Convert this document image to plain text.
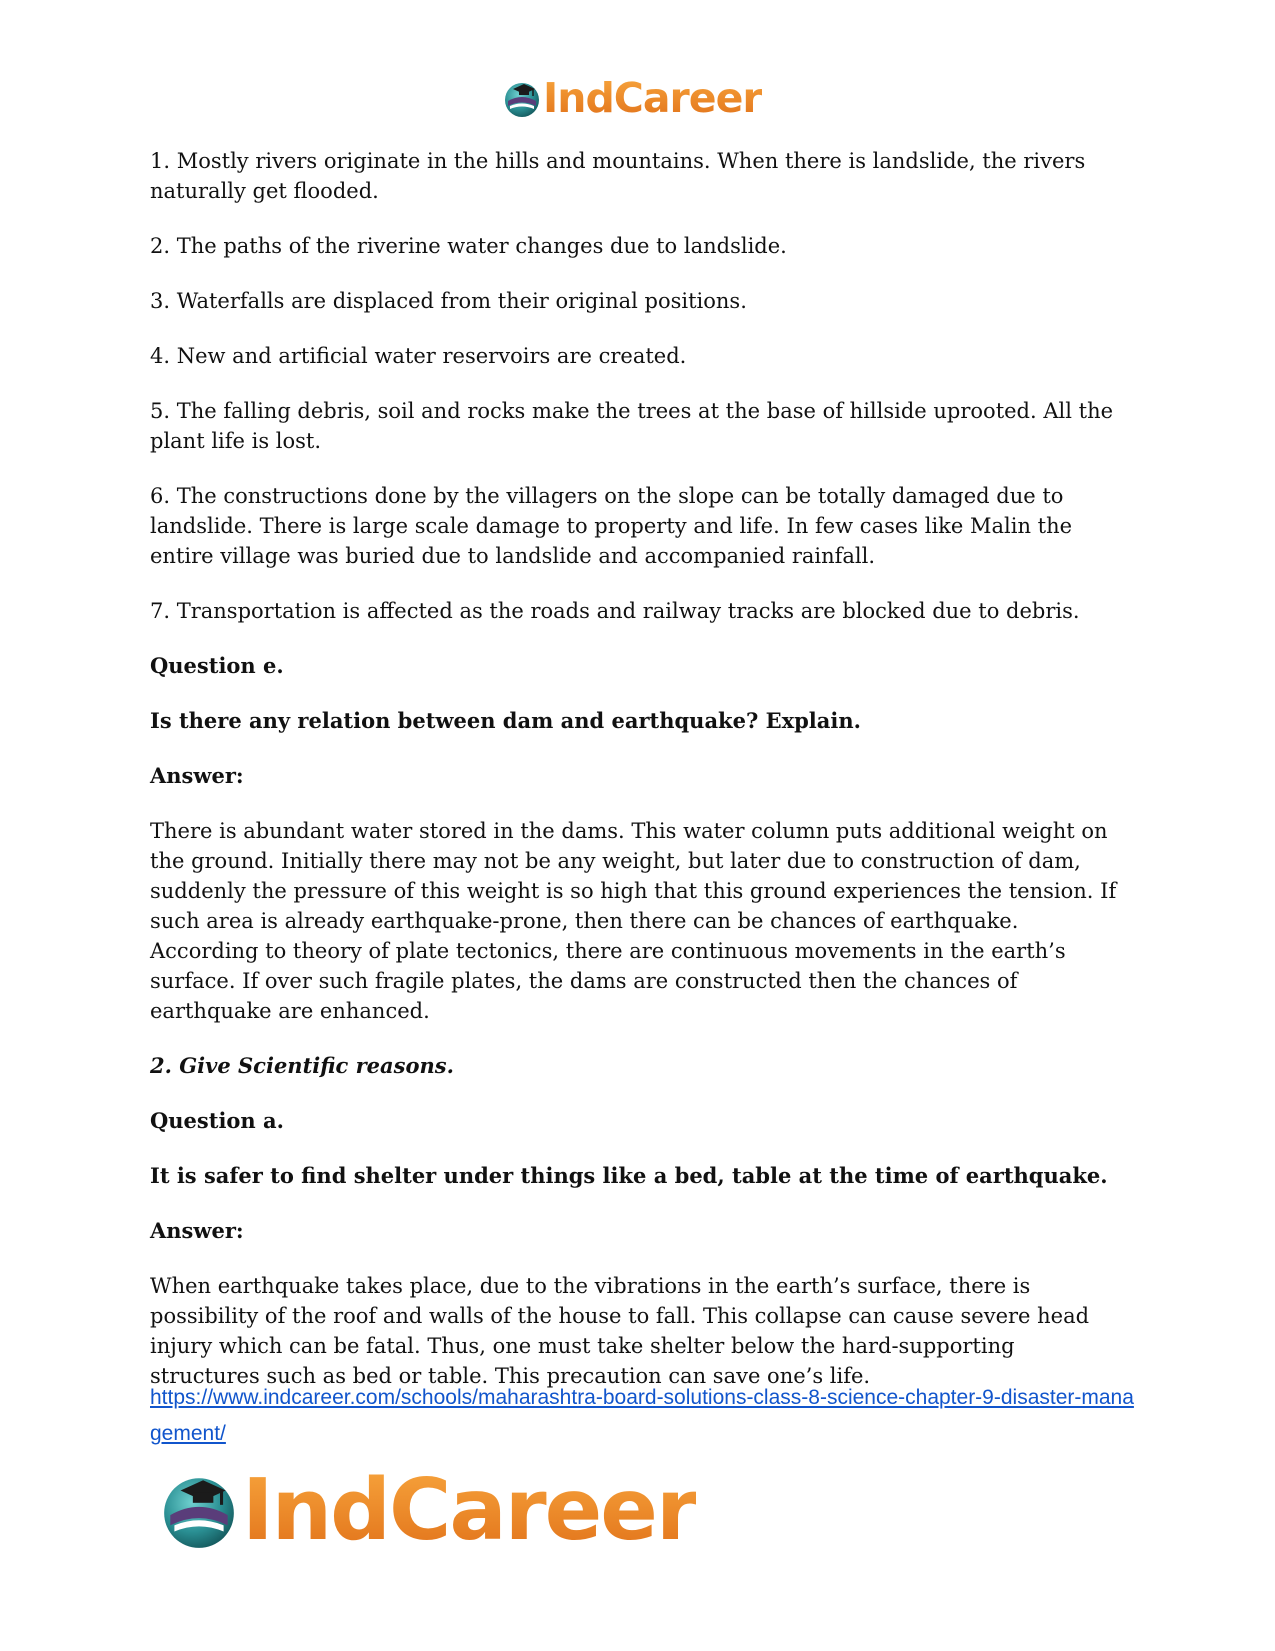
IndCareer

1. Mostly rivers originate in the hills and mountains. When there is landslide, the rivers naturally get flooded.

2. The paths of the riverine water changes due to landslide.

3. Waterfalls are displaced from their original positions.

4. New and artificial water reservoirs are created.

5. The falling debris, soil and rocks make the trees at the base of hillside uprooted. All the plant life is lost.

6. The constructions done by the villagers on the slope can be totally damaged due to landslide. There is large scale damage to property and life. In few cases like Malin the entire village was buried due to landslide and accompanied rainfall.

7. Transportation is affected as the roads and railway tracks are blocked due to debris.

Question e.

Is there any relation between dam and earthquake? Explain.

Answer:

There is abundant water stored in the dams. This water column puts additional weight on the ground. Initially there may not be any weight, but later due to construction of dam, suddenly the pressure of this weight is so high that this ground experiences the tension. If such area is already earthquake-prone, then there can be chances of earthquake. According to theory of plate tectonics, there are continuous movements in the earth’s surface. If over such fragile plates, the dams are constructed then the chances of earthquake are enhanced.

2. Give Scientific reasons.

Question a.

It is safer to find shelter under things like a bed, table at the time of earthquake.

Answer:

When earthquake takes place, due to the vibrations in the earth’s surface, there is possibility of the roof and walls of the house to fall. This collapse can cause severe head injury which can be fatal. Thus, one must take shelter below the hard-supporting structures such as bed or table. This precaution can save one’s life.

https://www.indcareer.com/schools/maharashtra-board-solutions-class-8-science-chapter-9-disaster-management/
IndCareer
